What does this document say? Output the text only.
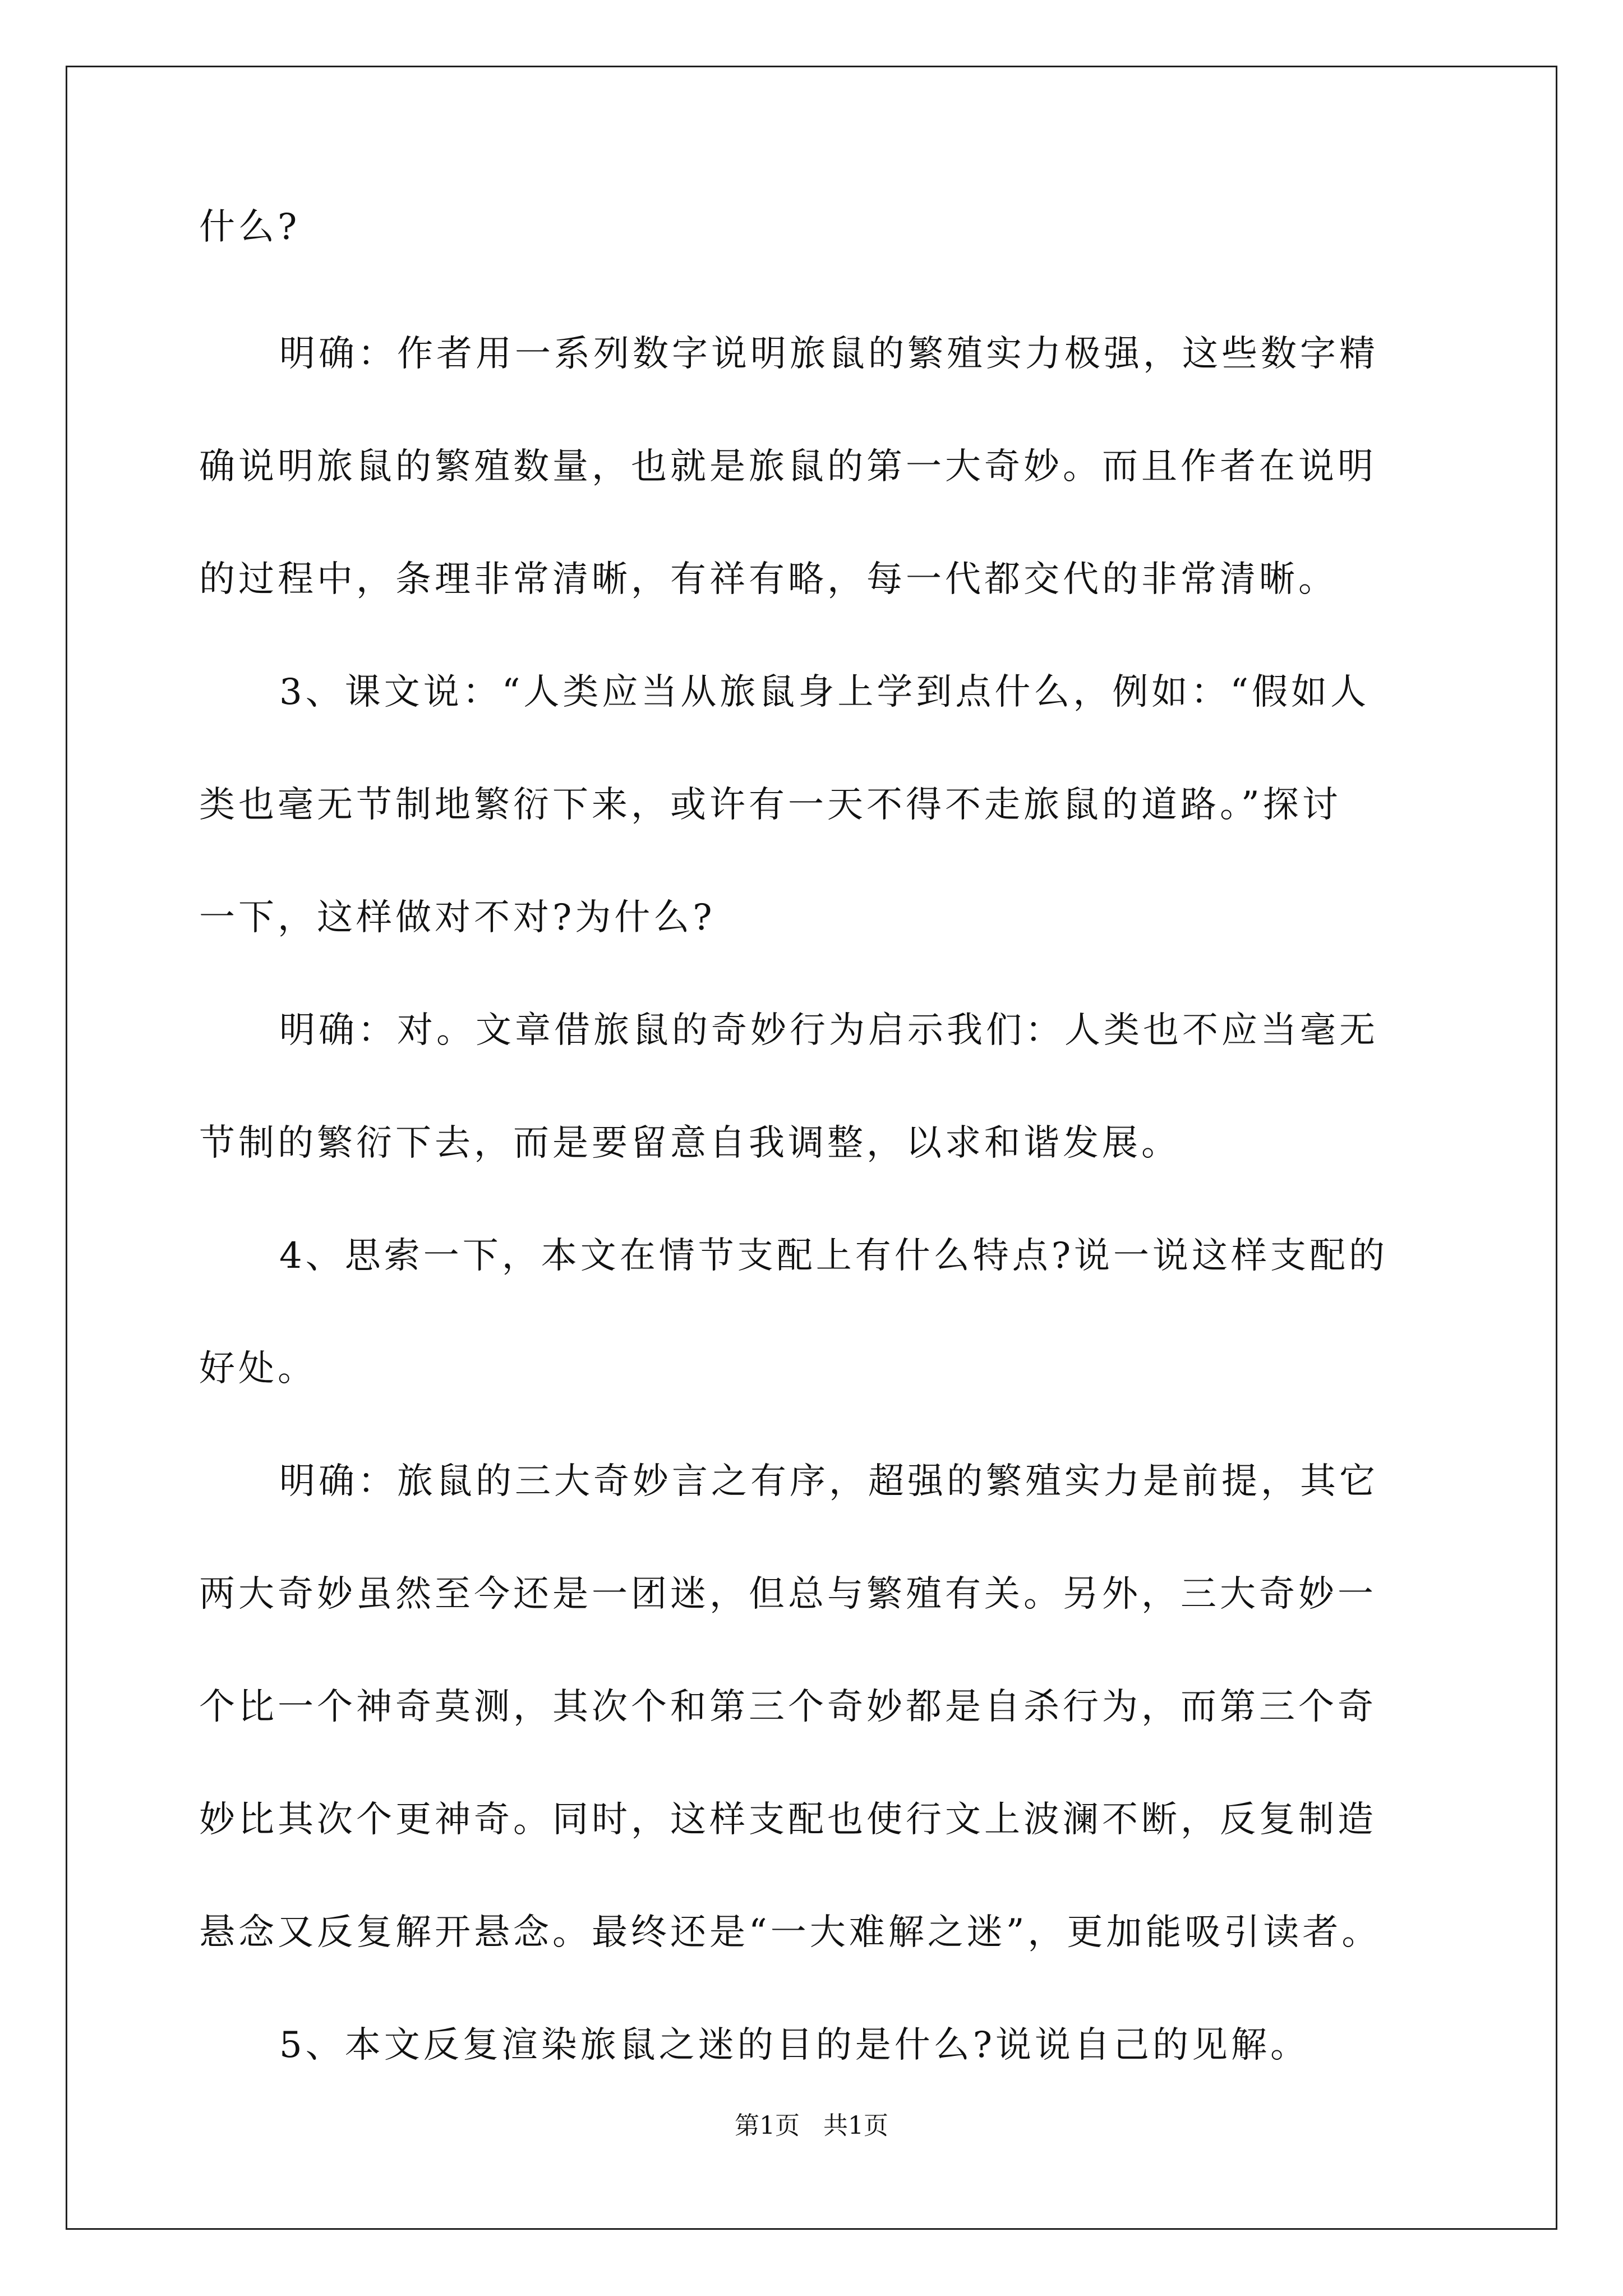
什么?
明确：作者用一系列数字说明旅鼠的繁殖实力极强，这些数字精
确说明旅鼠的繁殖数量，也就是旅鼠的第一大奇妙。而且作者在说明
的过程中，条理非常清晰，有祥有略，每一代都交代的非常清晰。
3、课文说：“人类应当从旅鼠身上学到点什么，例如：“假如人
类也毫无节制地繁衍下来，或许有一天不得不走旅鼠的道路。”探讨
一下，这样做对不对?为什么?
明确：对。文章借旅鼠的奇妙行为启示我们：人类也不应当毫无
节制的繁衍下去，而是要留意自我调整，以求和谐发展。
4、思索一下，本文在情节支配上有什么特点?说一说这样支配的
好处。
明确：旅鼠的三大奇妙言之有序，超强的繁殖实力是前提，其它
两大奇妙虽然至今还是一团迷，但总与繁殖有关。另外，三大奇妙一
个比一个神奇莫测，其次个和第三个奇妙都是自杀行为，而第三个奇
妙比其次个更神奇。同时，这样支配也使行文上波澜不断，反复制造
悬念又反复解开悬念。最终还是“一大难解之迷”，更加能吸引读者。
5、本文反复渲染旅鼠之迷的目的是什么?说说自己的见解。
第1页   共1页
